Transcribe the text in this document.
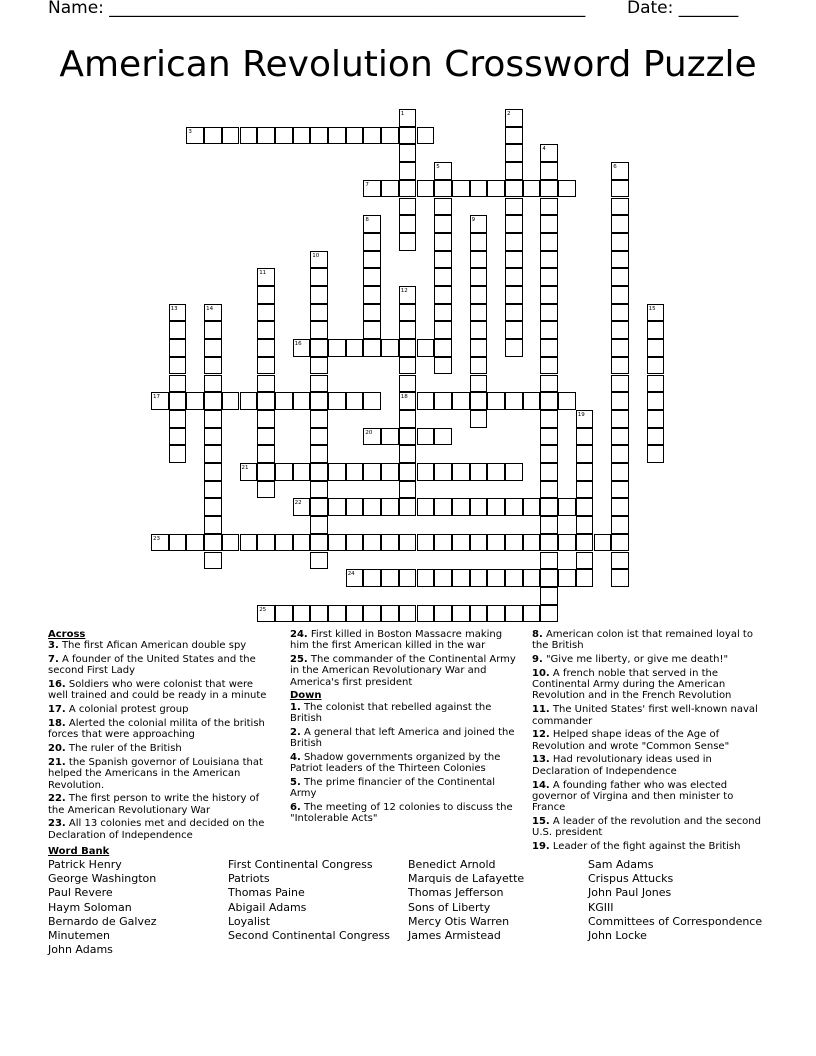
Name: ________________________________________________________ Date: _______
American Revolution Crossword Puzzle
1	2
3
4
5	6
7
8	9
10
11
12
18
13	14	15
16
17
19
20
21
22
23
24
25
Across
3. The first Afican American double spy
7. A founder of the United States and the second First Lady
16. Soldiers who were colonist that were well trained and could be ready in a minute
17. A colonial protest group
18. Alerted the colonial milita of the british forces that were approaching
20. The ruler of the British
21. the Spanish governor of Louisiana that helped the Americans in the American Revolution.
22. The first person to write the history of the American Revolutionary War
23. All 13 colonies met and decided on the Declaration of Independence
24. First killed in Boston Massacre making him the first American killed in the war
25. The commander of the Continental Army in the American Revolutionary War and America's first president
Down
1. The colonist that rebelled against the British
2. A general that left America and joined the British
4. Shadow governments organized by the Patriot leaders of the Thirteen Colonies
5. The prime financier of the Continental Army
6. The meeting of 12 colonies to discuss the "Intolerable Acts"
8. American colon ist that remained loyal to the British
9. "Give me liberty, or give me death!"
10. A french noble that served in the Continental Army during the American Revolution and in the French Revolution
11. The United States' first well-known naval commander
12. Helped shape ideas of the Age of Revolution and wrote "Common Sense"
13. Had revolutionary ideas used in Declaration of Independence
14. A founding father who was elected governor of Virgina and then minister to France
15. A leader of the revolution and the second U.S. president
19. Leader of the fight against the British
Word Bank
Patrick Henry
George Washington
Paul Revere
Haym Soloman
Bernardo de Galvez
Minutemen
John Adams
First Continental Congress
Patriots
Thomas Paine
Abigail Adams
Loyalist
Second Continental Congress
Benedict Arnold
Marquis de Lafayette
Thomas Jefferson
Sons of Liberty
Mercy Otis Warren
James Armistead
Sam Adams
Crispus Attucks
John Paul Jones
KGIII
Committees of Correspondence
John Locke
